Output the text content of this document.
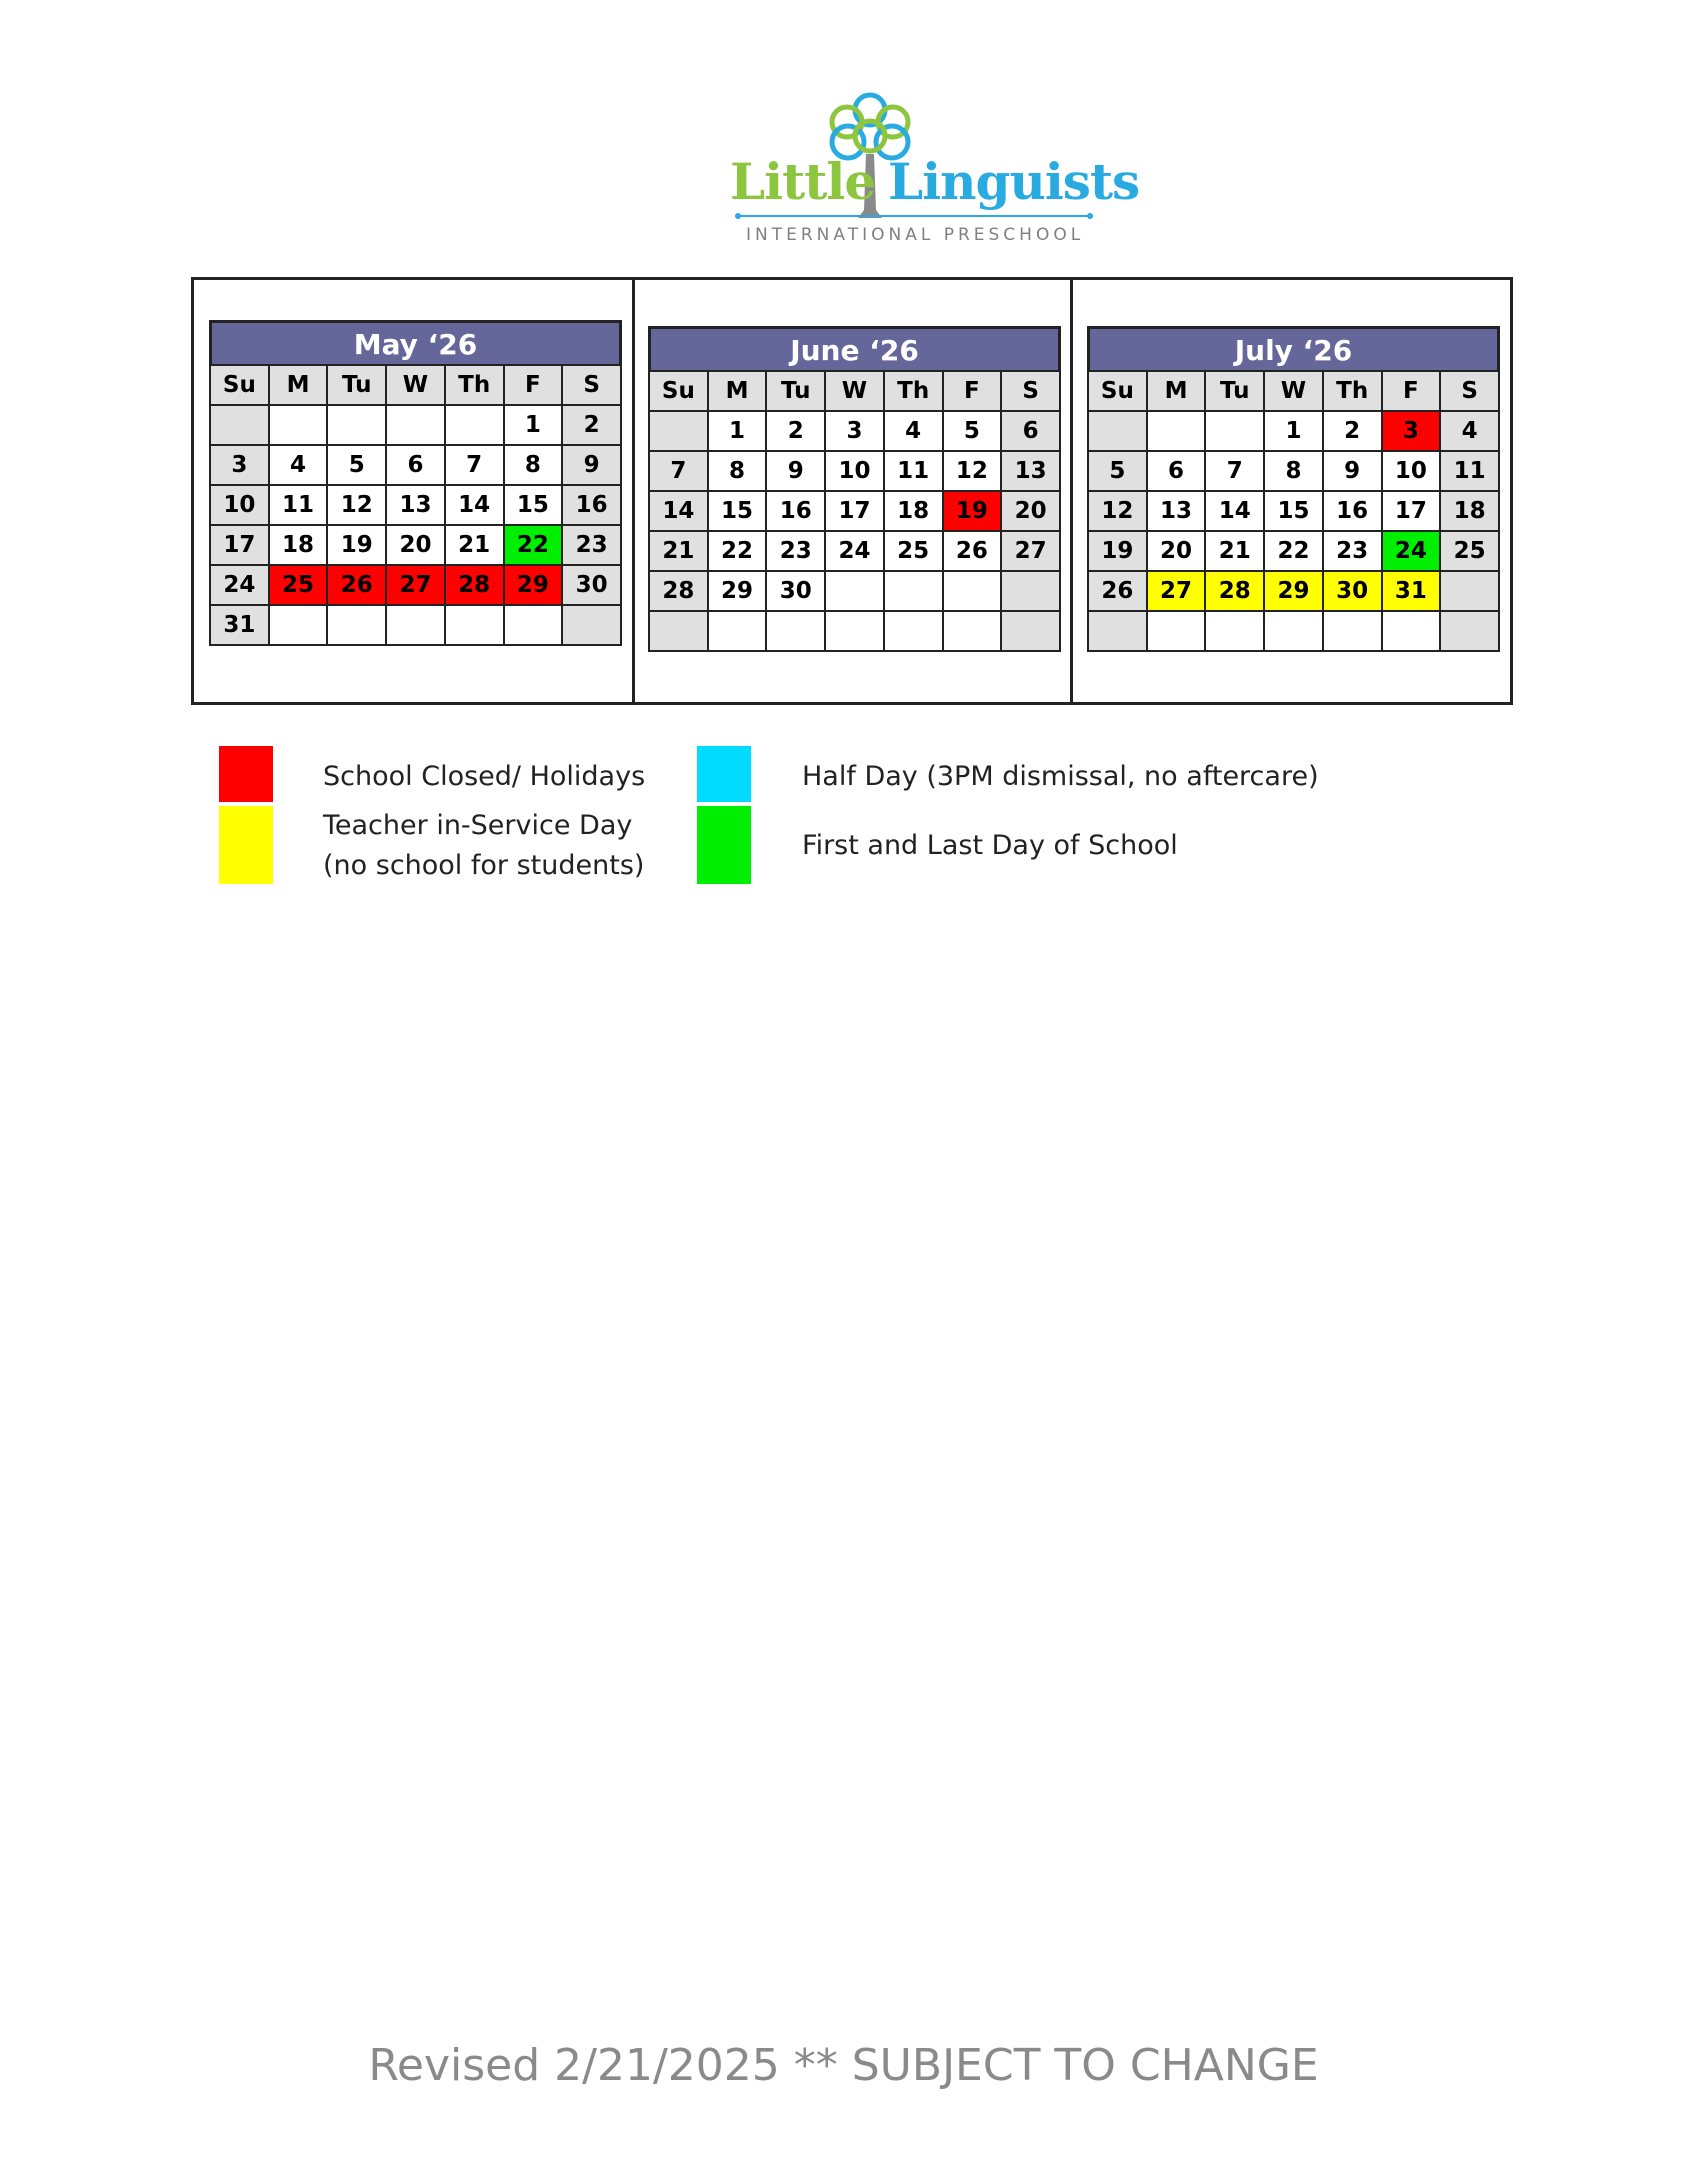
Little Linguists
INTERNATIONAL PRESCHOOL
May ‘26
Su	M	Tu	W	Th	F	S
					1	2
3	4	5	6	7	8	9
10	11	12	13	14	15	16
17	18	19	20	21	22	23
24	25	26	27	28	29	30
31						
June ‘26
Su	M	Tu	W	Th	F	S
	1	2	3	4	5	6
7	8	9	10	11	12	13
14	15	16	17	18	19	20
21	22	23	24	25	26	27
28	29	30				

July ‘26
Su	M	Tu	W	Th	F	S
			1	2	3	4
5	6	7	8	9	10	11
12	13	14	15	16	17	18
19	20	21	22	23	24	25
26	27	28	29	30	31	

School Closed/ Holidays
Teacher in-Service Day
(no school for students)
Half Day (3PM dismissal, no aftercare)
First and Last Day of School
Revised 2/21/2025 ** SUBJECT TO CHANGE
